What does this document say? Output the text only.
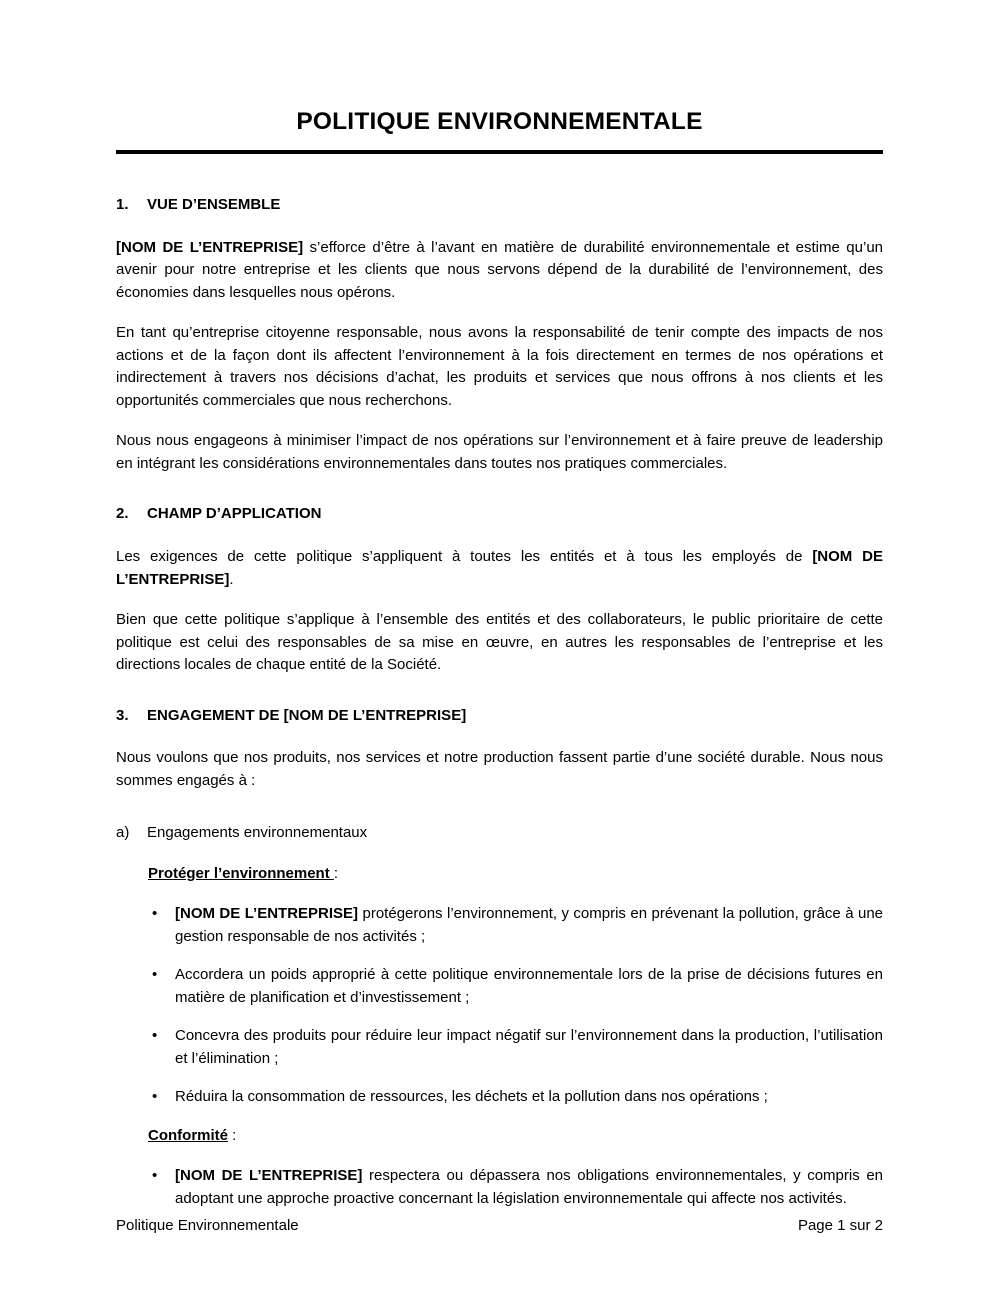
POLITIQUE ENVIRONNEMENTALE
1.	VUE D’ENSEMBLE

[NOM DE L’ENTREPRISE] s’efforce d’être à l’avant en matière de durabilité environnementale et estime qu’un avenir pour notre entreprise et les clients que nous servons dépend de la durabilité de l’environnement, des économies dans lesquelles nous opérons.

En tant qu’entreprise citoyenne responsable, nous avons la responsabilité de tenir compte des impacts de nos actions et de la façon dont ils affectent l’environnement à la fois directement en termes de nos opérations et indirectement à travers nos décisions d’achat, les produits et services que nous offrons à nos clients et les opportunités commerciales que nous recherchons.

Nous nous engageons à minimiser l’impact de nos opérations sur l’environnement et à faire preuve de leadership en intégrant les considérations environnementales dans toutes nos pratiques commerciales.

2.	CHAMP D’APPLICATION

Les exigences de cette politique s’appliquent à toutes les entités et à tous les employés de [NOM DE L’ENTREPRISE].

Bien que cette politique s’applique à l’ensemble des entités et des collaborateurs, le public prioritaire de cette politique est celui des responsables de sa mise en œuvre, en autres les responsables de l’entreprise et les directions locales de chaque entité de la Société.

3.	ENGAGEMENT DE [NOM DE L’ENTREPRISE]

Nous voulons que nos produits, nos services et notre production fassent partie d’une société durable. Nous nous sommes engagés à :

a)	Engagements environnementaux
Protéger l’environnement :
•	[NOM DE L’ENTREPRISE] protégerons l’environnement, y compris en prévenant la pollution, grâce à une gestion responsable de nos activités ;
•	Accordera un poids approprié à cette politique environnementale lors de la prise de décisions futures en matière de planification et d’investissement ;
•	Concevra des produits pour réduire leur impact négatif sur l’environnement dans la production, l’utilisation et l’élimination ;
•	Réduira la consommation de ressources, les déchets et la pollution dans nos opérations ;
Conformité :
•	[NOM DE L’ENTREPRISE] respectera ou dépassera nos obligations environnementales, y compris en adoptant une approche proactive concernant la législation environnementale qui affecte nos activités.
Politique Environnementale	Page 1 sur 2
